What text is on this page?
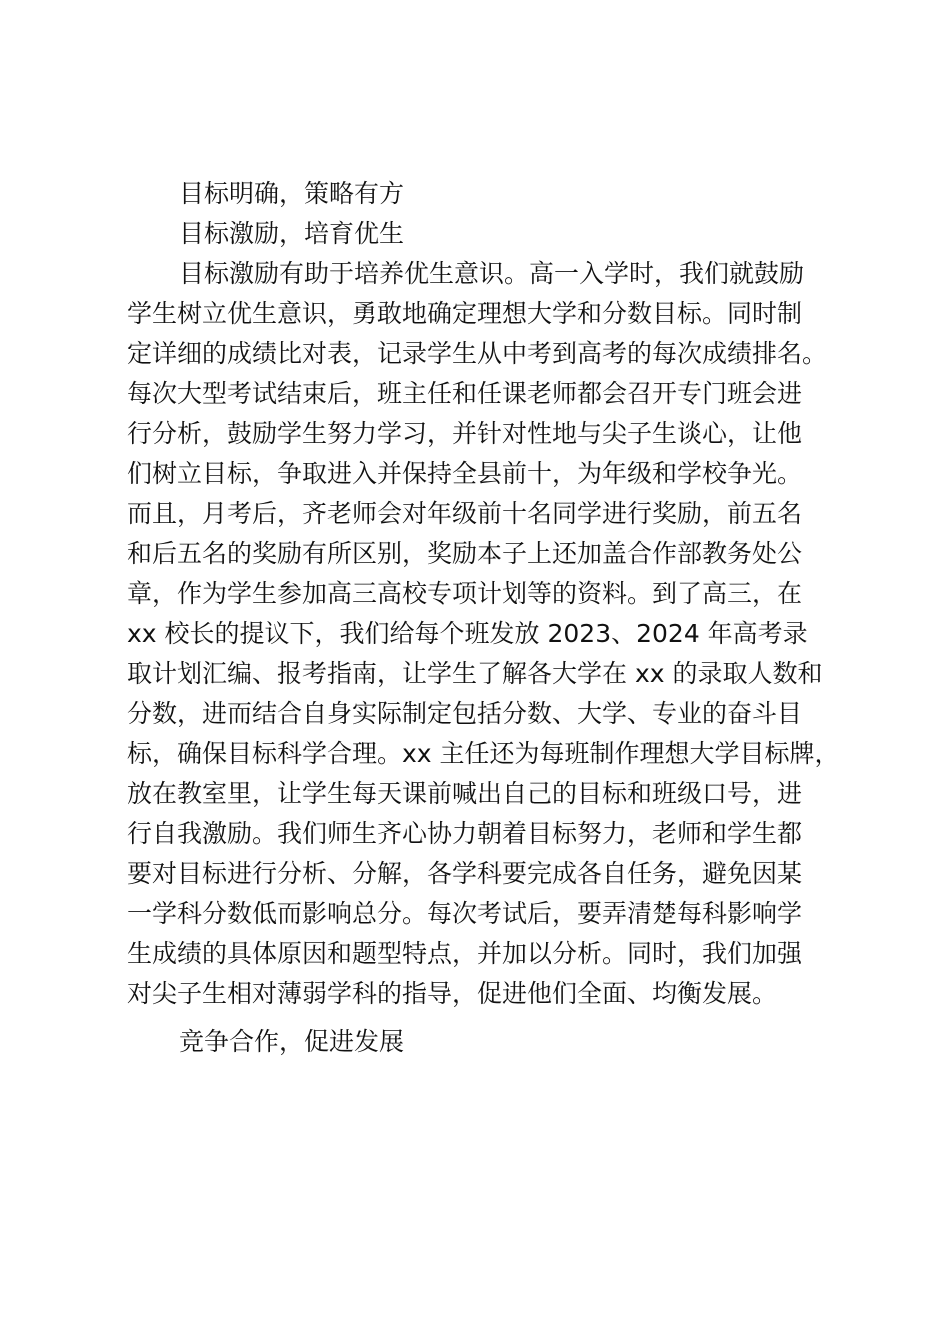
目标明确，策略有方

目标激励，培育优生

目标激励有助于培养优生意识。高一入学时，我们就鼓励
学生树立优生意识，勇敢地确定理想大学和分数目标。同时制
定详细的成绩比对表，记录学生从中考到高考的每次成绩排名。
每次大型考试结束后，班主任和任课老师都会召开专门班会进
行分析，鼓励学生努力学习，并针对性地与尖子生谈心，让他
们树立目标，争取进入并保持全县前十，为年级和学校争光。
而且，月考后，齐老师会对年级前十名同学进行奖励，前五名
和后五名的奖励有所区别，奖励本子上还加盖合作部教务处公
章，作为学生参加高三高校专项计划等的资料。到了高三，在
xx 校长的提议下，我们给每个班发放 2023、2024 年高考录
取计划汇编、报考指南，让学生了解各大学在 xx 的录取人数和
分数，进而结合自身实际制定包括分数、大学、专业的奋斗目
标，确保目标科学合理。xx 主任还为每班制作理想大学目标牌，
放在教室里，让学生每天课前喊出自己的目标和班级口号，进
行自我激励。我们师生齐心协力朝着目标努力，老师和学生都
要对目标进行分析、分解，各学科要完成各自任务，避免因某
一学科分数低而影响总分。每次考试后，要弄清楚每科影响学
生成绩的具体原因和题型特点，并加以分析。同时，我们加强
对尖子生相对薄弱学科的指导，促进他们全面、均衡发展。

竞争合作，促进发展
